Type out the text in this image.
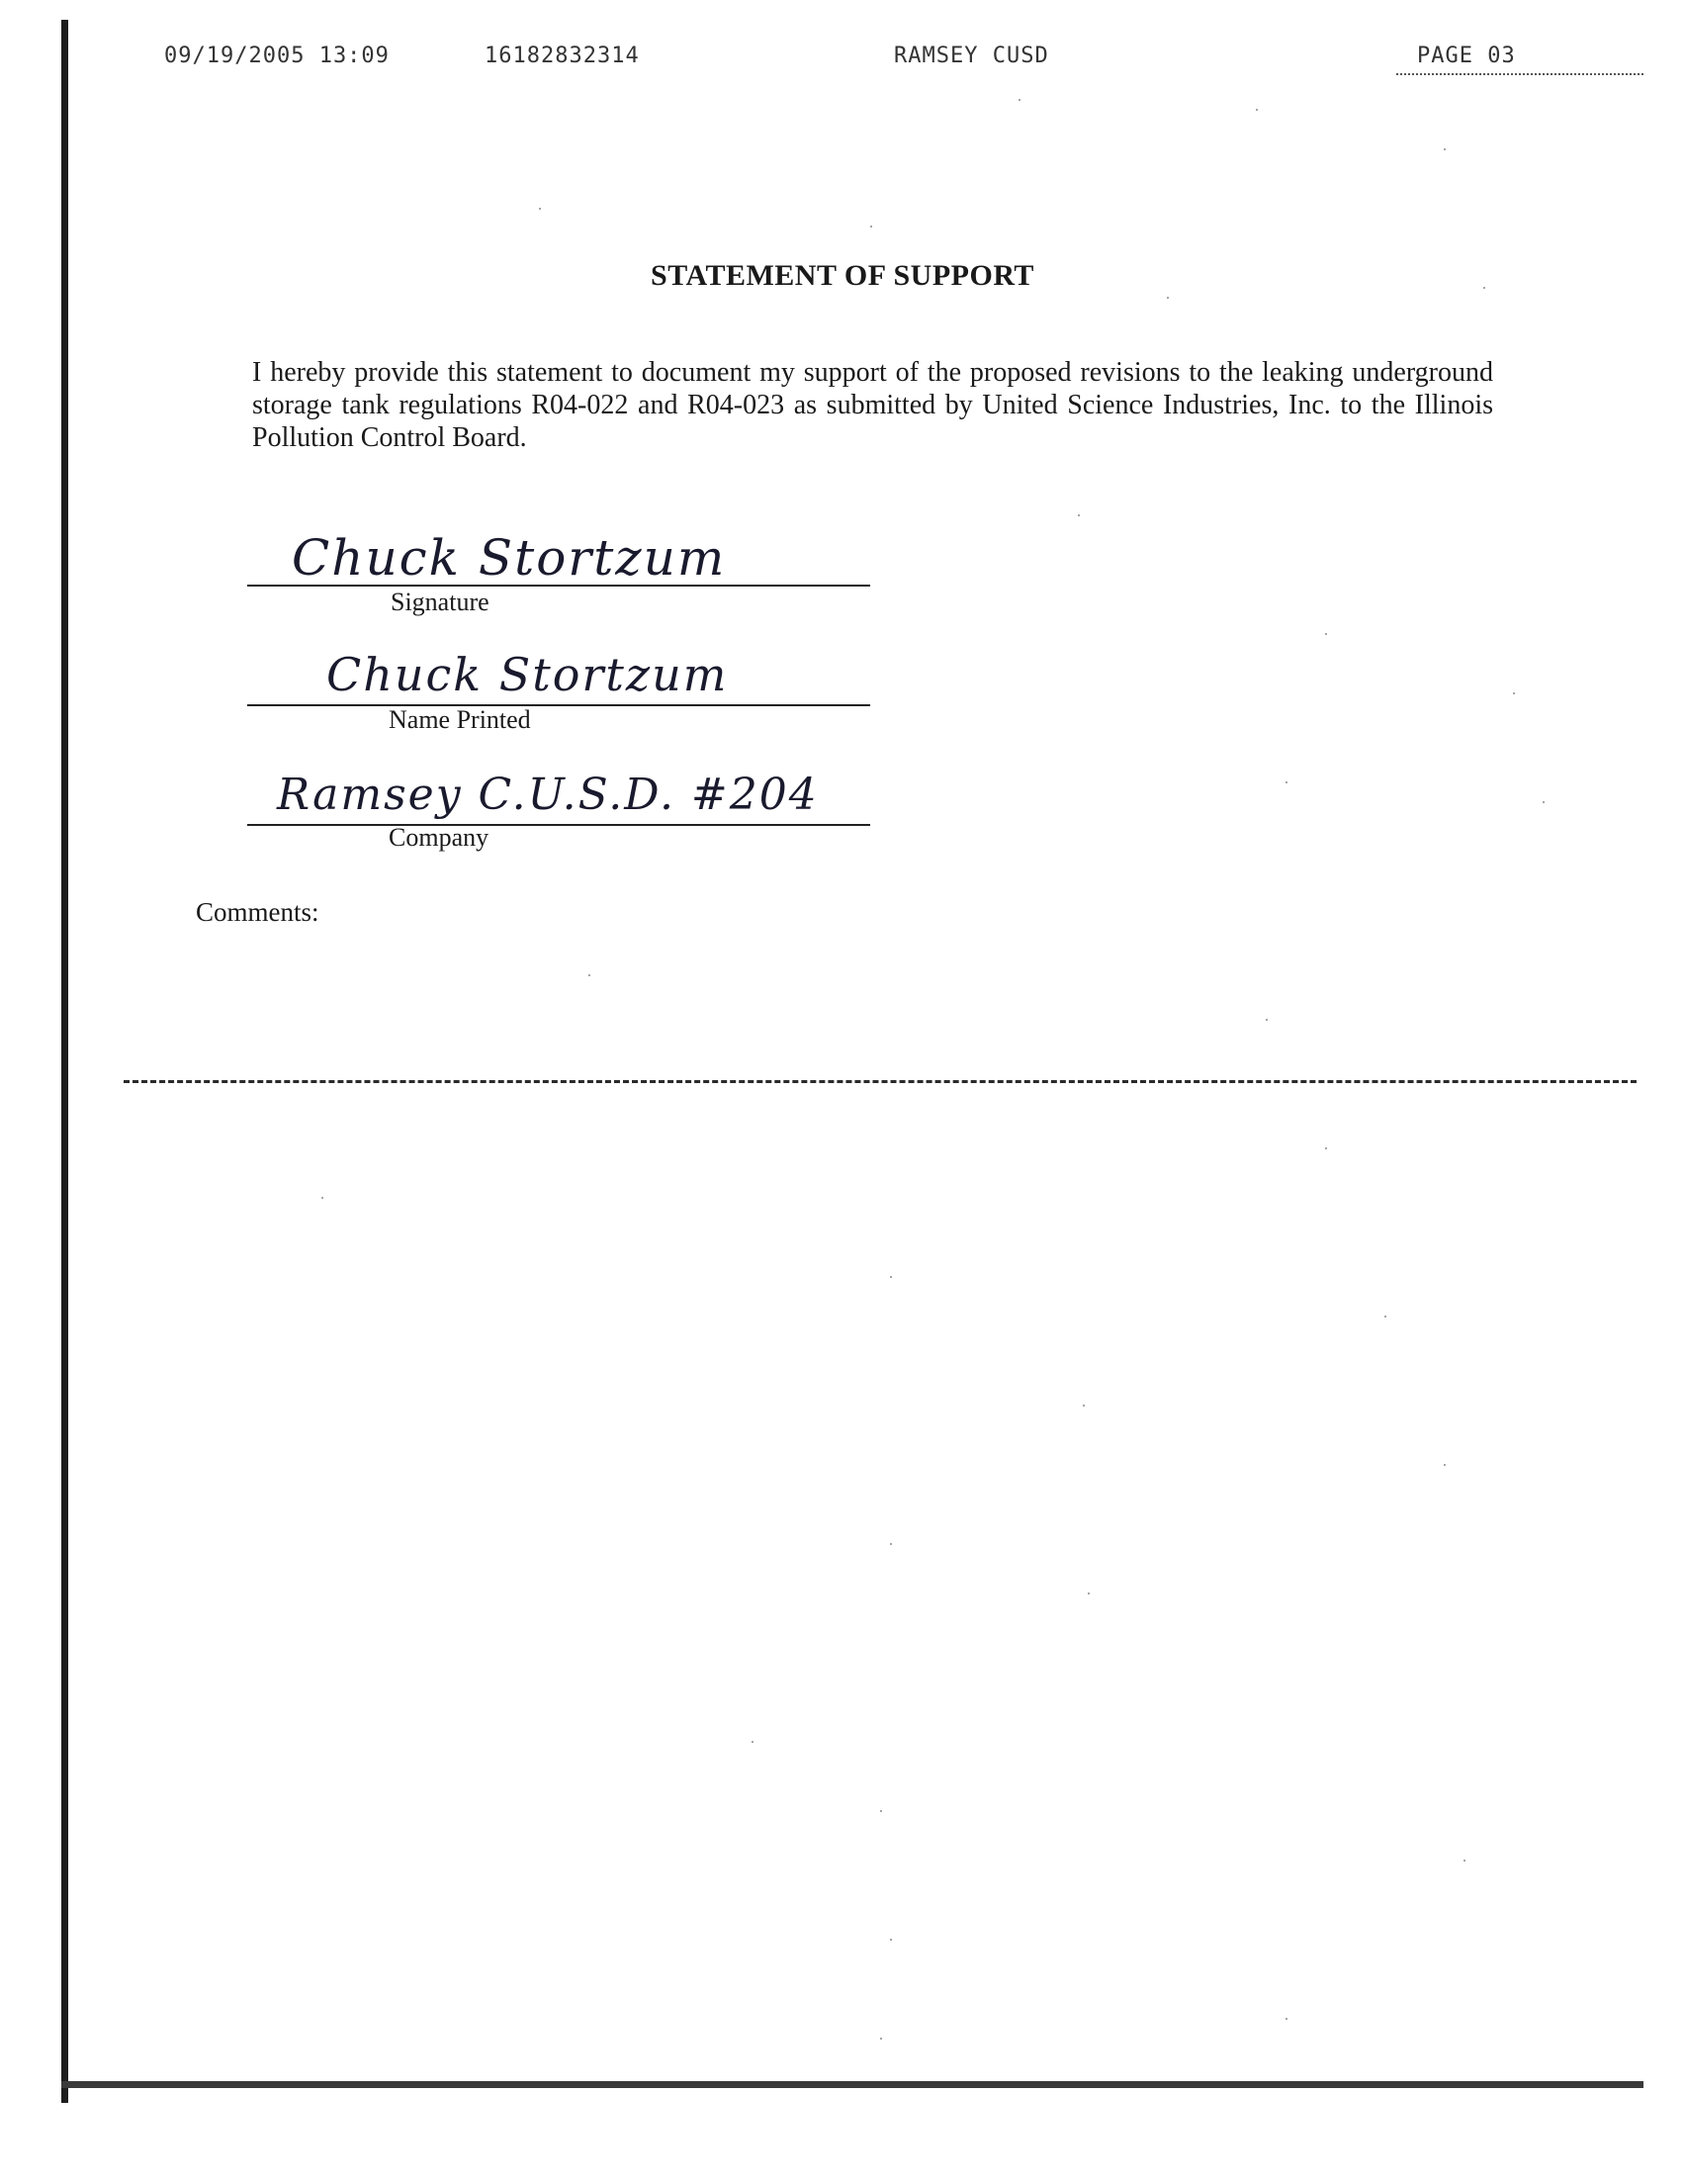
09/19/2005 13:09	16182832314	RAMSEY CUSD	PAGE 03
STATEMENT OF SUPPORT
I hereby provide this statement to document my support of the proposed revisions to the leaking underground storage tank regulations R04-022 and R04-023 as submitted by United Science Industries, Inc. to the Illinois Pollution Control Board.
Chuck Stortzum
Signature
Chuck Stortzum
Name Printed
Ramsey C.U.S.D. #204
Company
Comments:
